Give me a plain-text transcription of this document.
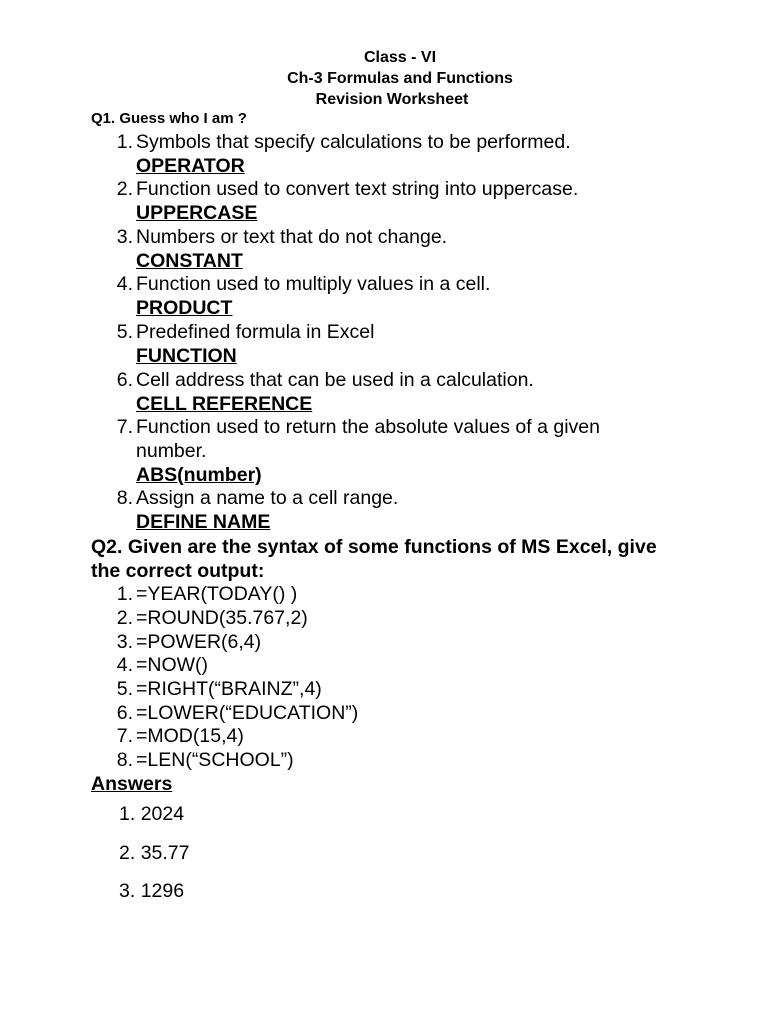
Class - VI
Ch-3 Formulas and Functions
Revision Worksheet
Q1. Guess who I am ?
1. Symbols that specify calculations to be performed.
OPERATOR
2. Function used to convert text string into uppercase.
UPPERCASE
3. Numbers or text that do not change.
CONSTANT
4. Function used to multiply values in a cell.
PRODUCT
5. Predefined formula in Excel
FUNCTION
6. Cell address that can be used in a calculation.
CELL REFERENCE
7. Function used to return the absolute values of a given
number.
ABS(number)
8. Assign a name to a cell range.
DEFINE NAME
Q2. Given are the syntax of some functions of MS Excel, give the correct output:
1. =YEAR(TODAY() )
2. =ROUND(35.767,2)
3. =POWER(6,4)
4. =NOW()
5. =RIGHT(“BRAINZ”,4)
6. =LOWER(“EDUCATION”)
7. =MOD(15,4)
8. =LEN(“SCHOOL”)
Answers
1. 2024
2. 35.77
3. 1296
